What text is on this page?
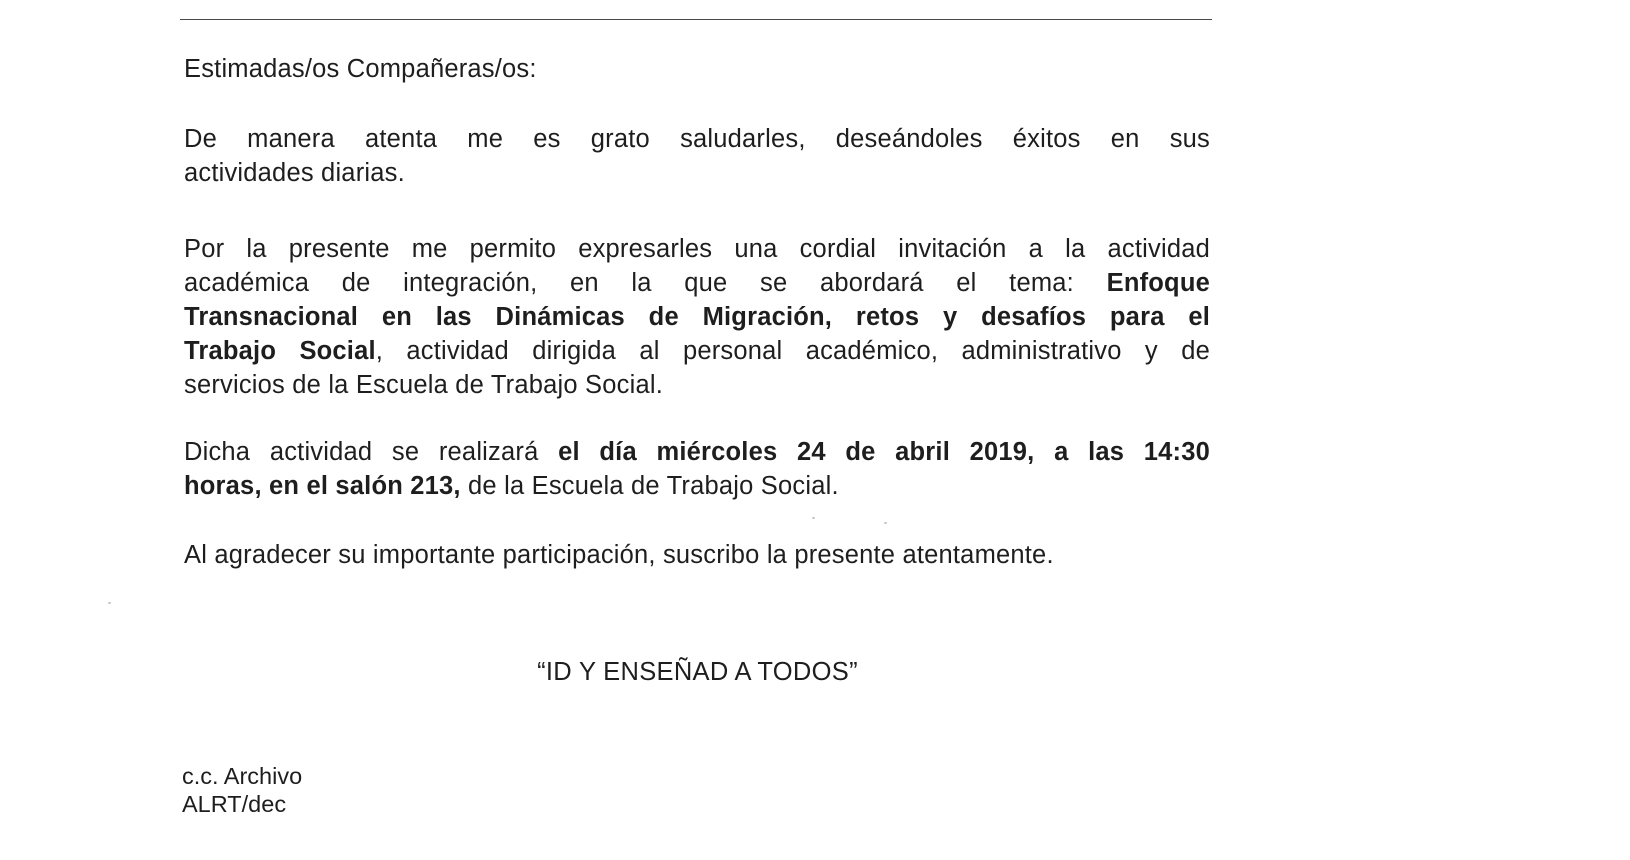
Estimadas/os Compañeras/os:
De manera atenta me es grato saludarles, deseándoles éxitos en sus
actividades diarias.
Por la presente me permito expresarles una cordial invitación a la actividad
académica de integración, en la que se abordará el tema: Enfoque
Transnacional en las Dinámicas de Migración, retos y desafíos para el
Trabajo Social, actividad dirigida al personal académico, administrativo y de
servicios de la Escuela de Trabajo Social.
Dicha actividad se realizará el día miércoles 24 de abril 2019, a las 14:30
horas, en el salón 213, de la Escuela de Trabajo Social.
Al agradecer su importante participación, suscribo la presente atentamente.
“ID Y ENSEÑAD A TODOS”
c.c. Archivo
ALRT/dec
